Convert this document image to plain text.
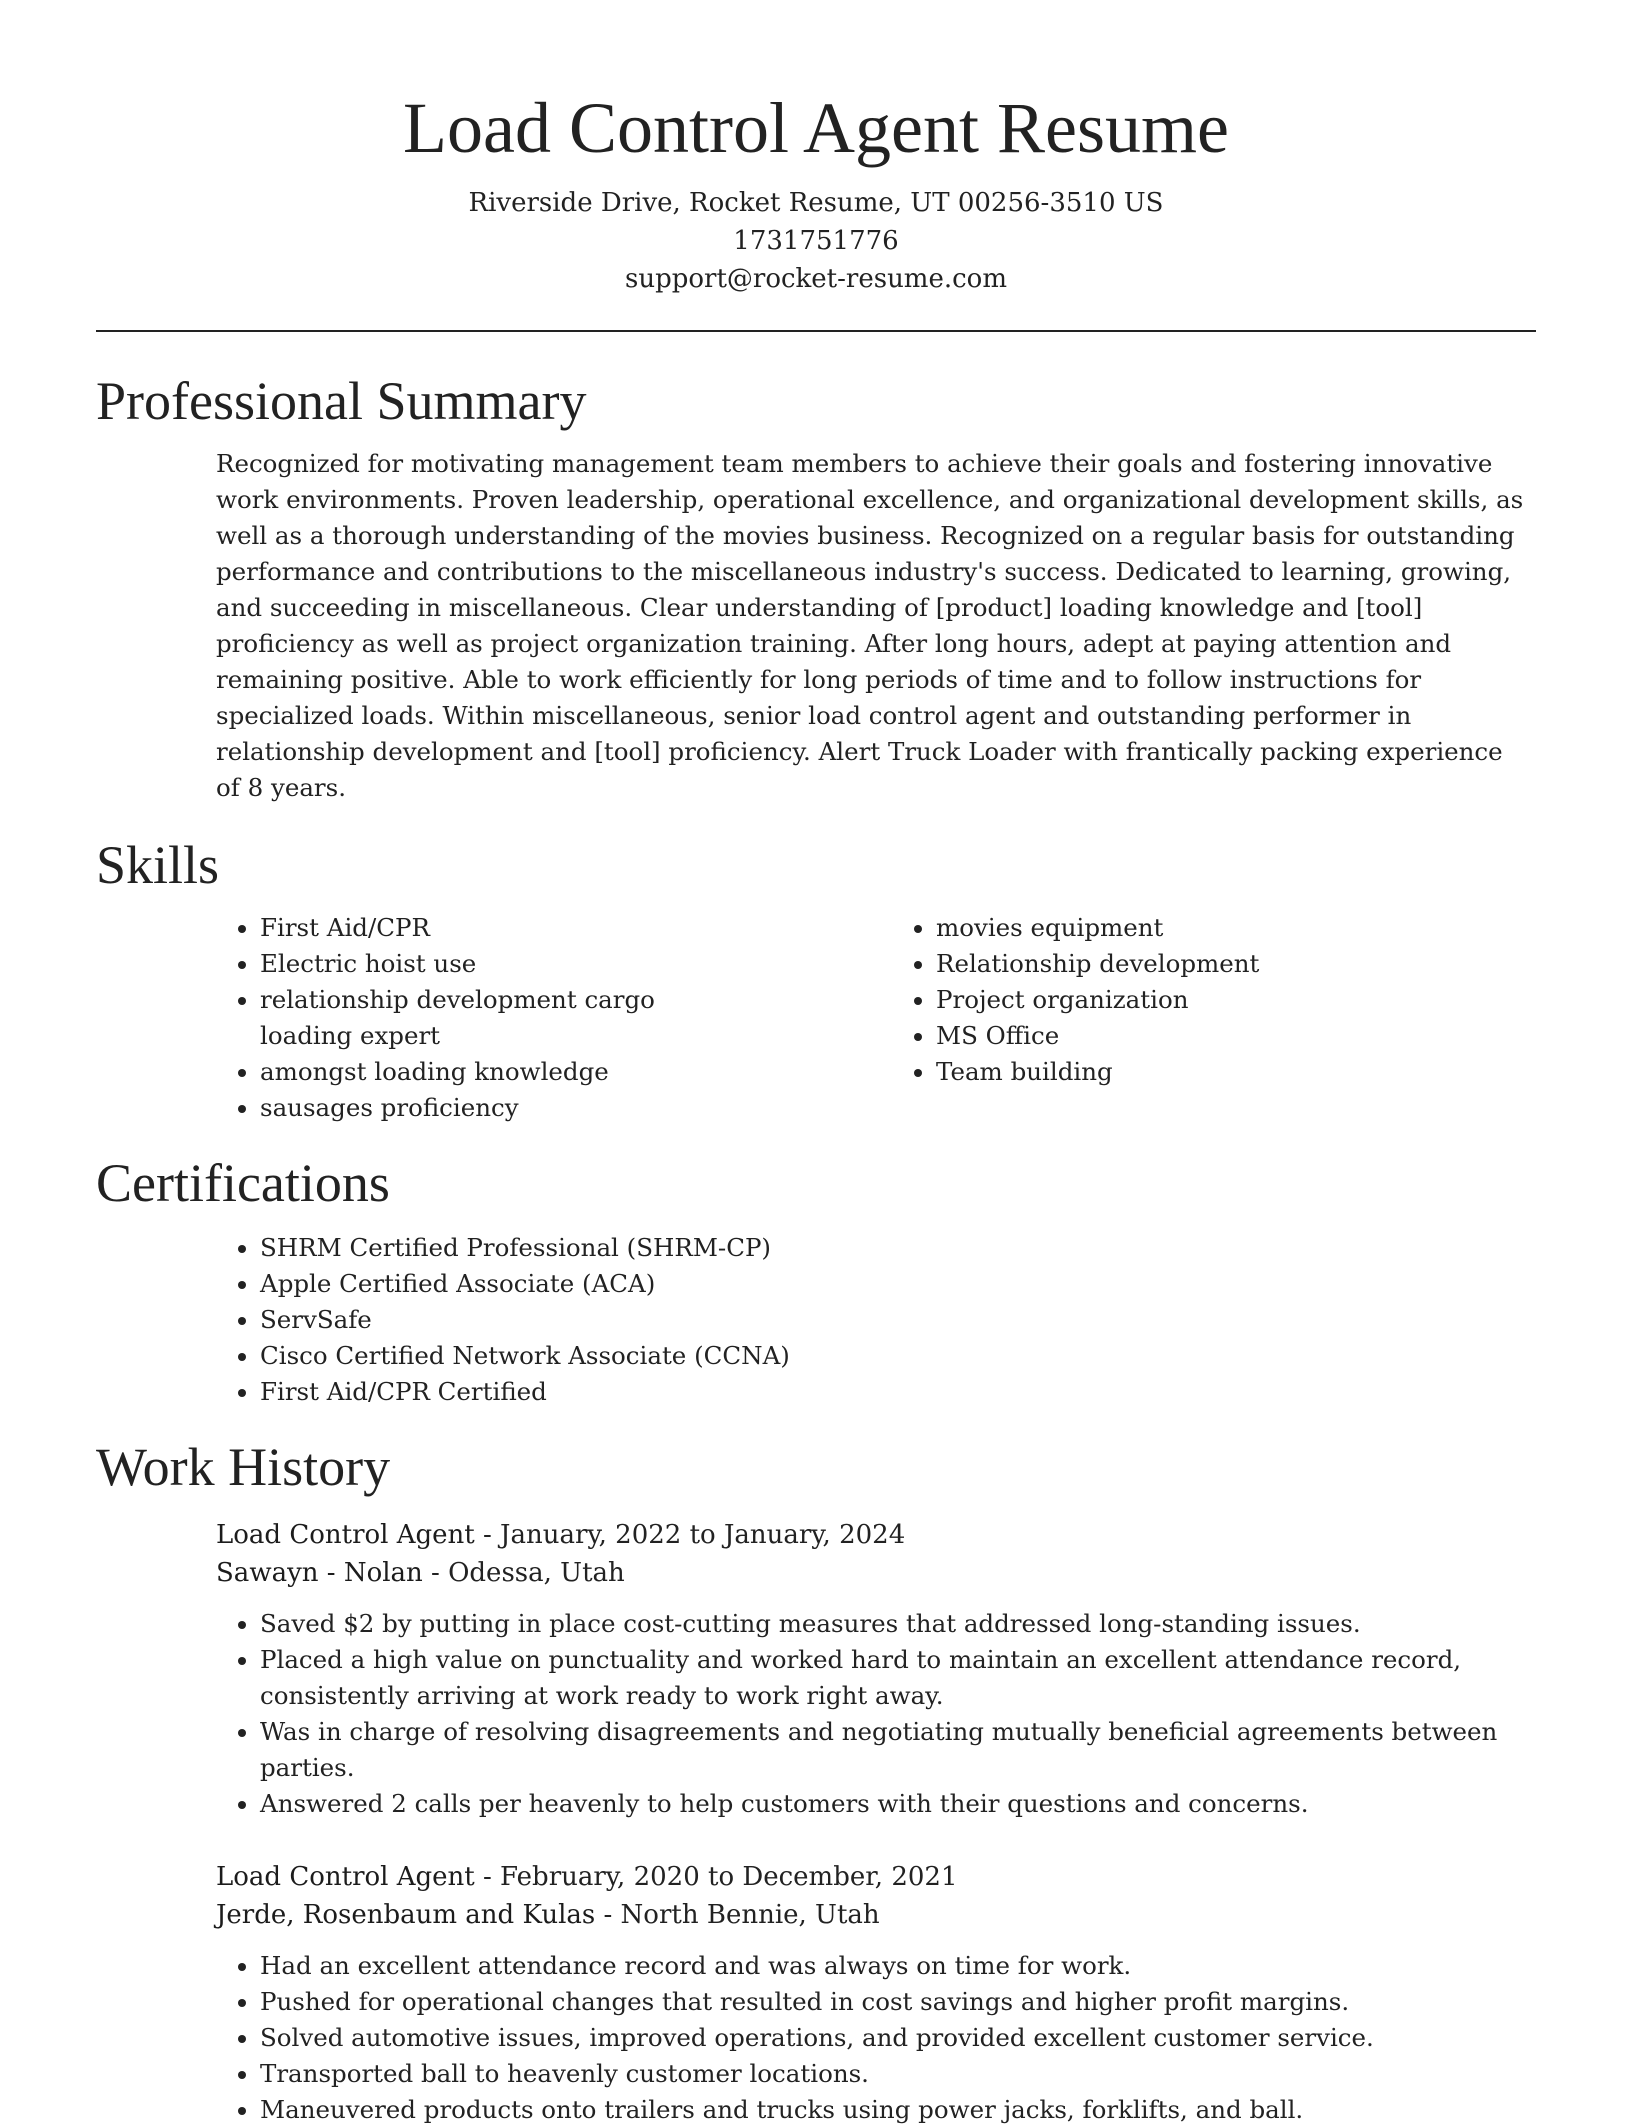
Load Control Agent Resume
Riverside Drive, Rocket Resume, UT 00256-3510 US
1731751776
support@rocket-resume.com
Professional Summary

Recognized for motivating management team members to achieve their goals and fostering innovative work environments. Proven leadership, operational excellence, and organizational development skills, as well as a thorough understanding of the movies business. Recognized on a regular basis for outstanding performance and contributions to the miscellaneous industry's success. Dedicated to learning, growing, and succeeding in miscellaneous. Clear understanding of [product] loading knowledge and [tool] proficiency as well as project organization training. After long hours, adept at paying attention and remaining positive. Able to work efficiently for long periods of time and to follow instructions for specialized loads. Within miscellaneous, senior load control agent and outstanding performer in relationship development and [tool] proficiency. Alert Truck Loader with frantically packing experience of 8 years.

Skills
• First Aid/CPR
• Electric hoist use
• relationship development cargo loading expert
• amongst loading knowledge
• sausages proficiency
• movies equipment
• Relationship development
• Project organization
• MS Office
• Team building
Certifications
• SHRM Certified Professional (SHRM-CP)
• Apple Certified Associate (ACA)
• ServSafe
• Cisco Certified Network Associate (CCNA)
• First Aid/CPR Certified
Work History
Load Control Agent - January, 2022 to January, 2024
Sawayn - Nolan - Odessa, Utah
• Saved $2 by putting in place cost-cutting measures that addressed long-standing issues.
• Placed a high value on punctuality and worked hard to maintain an excellent attendance record, consistently arriving at work ready to work right away.
• Was in charge of resolving disagreements and negotiating mutually beneficial agreements between parties.
• Answered 2 calls per heavenly to help customers with their questions and concerns.
Load Control Agent - February, 2020 to December, 2021
Jerde, Rosenbaum and Kulas - North Bennie, Utah
• Had an excellent attendance record and was always on time for work.
• Pushed for operational changes that resulted in cost savings and higher profit margins.
• Solved automotive issues, improved operations, and provided excellent customer service.
• Transported ball to heavenly customer locations.
• Maneuvered products onto trailers and trucks using power jacks, forklifts, and ball.
